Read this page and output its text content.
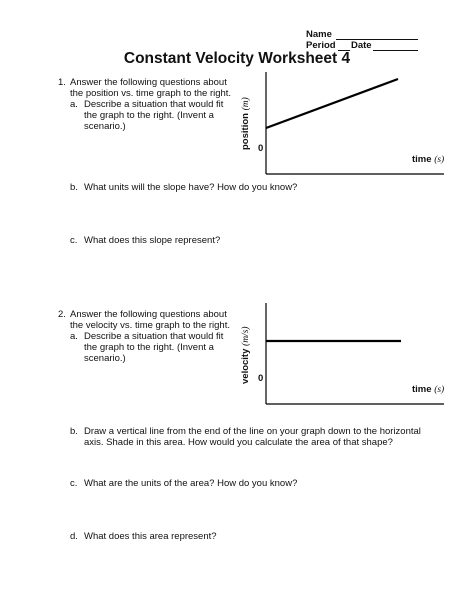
Name
Period Date
Constant Velocity Worksheet 4
1. Answer the following questions about
the position vs. time graph to the right.
a. Describe a situation that would fit
the graph to the right. (Invent a
scenario.)
b. What units will the slope have? How do you know?
c. What does this slope represent?
0
position (m)
time (s)
2. Answer the following questions about
the velocity vs. time graph to the right.
a. Describe a situation that would fit
the graph to the right. (Invent a
scenario.)
0
velocity (m/s)
time (s)
b. Draw a vertical line from the end of the line on your graph down to the horizontal
axis. Shade in this area. How would you calculate the area of that shape?
c. What are the units of the area? How do you know?
d. What does this area represent?
